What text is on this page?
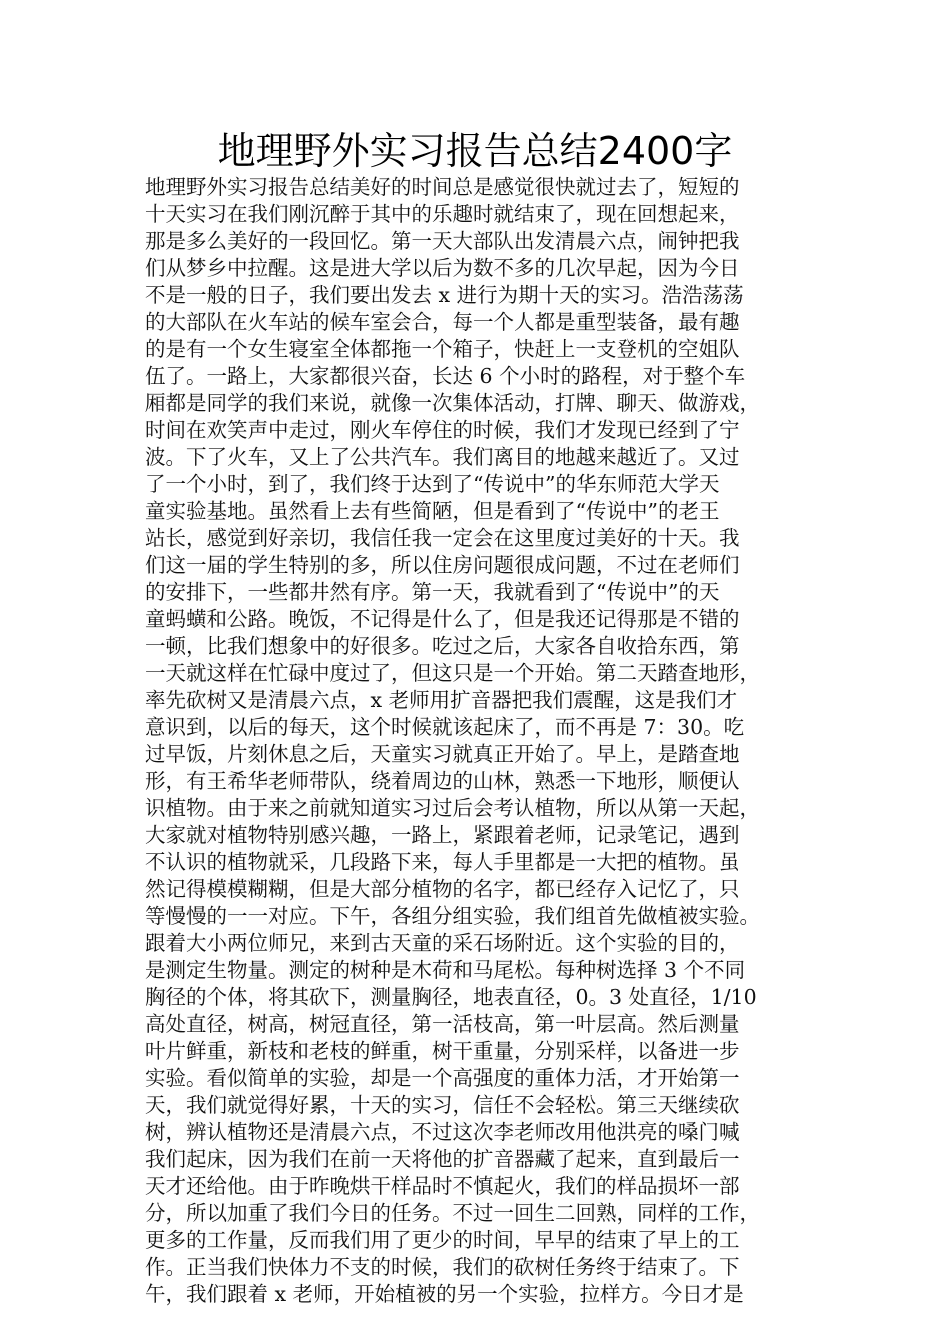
地理野外实习报告总结2400字
地理野外实习报告总结美好的时间总是感觉很快就过去了，短短的
十天实习在我们刚沉醉于其中的乐趣时就结束了，现在回想起来，
那是多么美好的一段回忆。第一天大部队出发清晨六点，闹钟把我
们从梦乡中拉醒。这是进大学以后为数不多的几次早起，因为今日
不是一般的日子，我们要出发去 x 进行为期十天的实习。浩浩荡荡
的大部队在火车站的候车室会合，每一个人都是重型装备，最有趣
的是有一个女生寝室全体都拖一个箱子，快赶上一支登机的空姐队
伍了。一路上，大家都很兴奋，长达 6 个小时的路程，对于整个车
厢都是同学的我们来说，就像一次集体活动，打牌、聊天、做游戏，
时间在欢笑声中走过，刚火车停住的时候，我们才发现已经到了宁
波。下了火车，又上了公共汽车。我们离目的地越来越近了。又过
了一个小时，到了，我们终于达到了“传说中”的华东师范大学天
童实验基地。虽然看上去有些简陋，但是看到了“传说中”的老王
站长，感觉到好亲切，我信任我一定会在这里度过美好的十天。我
们这一届的学生特别的多，所以住房问题很成问题，不过在老师们
的安排下，一些都井然有序。第一天，我就看到了“传说中”的天
童蚂蟥和公路。晚饭，不记得是什么了，但是我还记得那是不错的
一顿，比我们想象中的好很多。吃过之后，大家各自收拾东西，第
一天就这样在忙碌中度过了，但这只是一个开始。第二天踏查地形，
率先砍树又是清晨六点，x 老师用扩音器把我们震醒，这是我们才
意识到，以后的每天，这个时候就该起床了，而不再是 7：30。吃
过早饭，片刻休息之后，天童实习就真正开始了。早上，是踏查地
形，有王希华老师带队，绕着周边的山林，熟悉一下地形，顺便认
识植物。由于来之前就知道实习过后会考认植物，所以从第一天起，
大家就对植物特别感兴趣，一路上，紧跟着老师，记录笔记，遇到
不认识的植物就采，几段路下来，每人手里都是一大把的植物。虽
然记得模模糊糊，但是大部分植物的名字，都已经存入记忆了，只
等慢慢的一一对应。下午，各组分组实验，我们组首先做植被实验。
跟着大小两位师兄，来到古天童的采石场附近。这个实验的目的，
是测定生物量。测定的树种是木荷和马尾松。每种树选择 3 个不同
胸径的个体，将其砍下，测量胸径，地表直径，0。3 处直径，1/10
高处直径，树高，树冠直径，第一活枝高，第一叶层高。然后测量
叶片鲜重，新枝和老枝的鲜重，树干重量，分别采样，以备进一步
实验。看似简单的实验，却是一个高强度的重体力活，才开始第一
天，我们就觉得好累，十天的实习，信任不会轻松。第三天继续砍
树，辨认植物还是清晨六点，不过这次李老师改用他洪亮的嗓门喊
我们起床，因为我们在前一天将他的扩音器藏了起来，直到最后一
天才还给他。由于昨晚烘干样品时不慎起火，我们的样品损坏一部
分，所以加重了我们今日的任务。不过一回生二回熟，同样的工作，
更多的工作量，反而我们用了更少的时间，早早的结束了早上的工
作。正当我们快体力不支的时候，我们的砍树任务终于结束了。下
午，我们跟着 x 老师，开始植被的另一个实验，拉样方。今日才是
